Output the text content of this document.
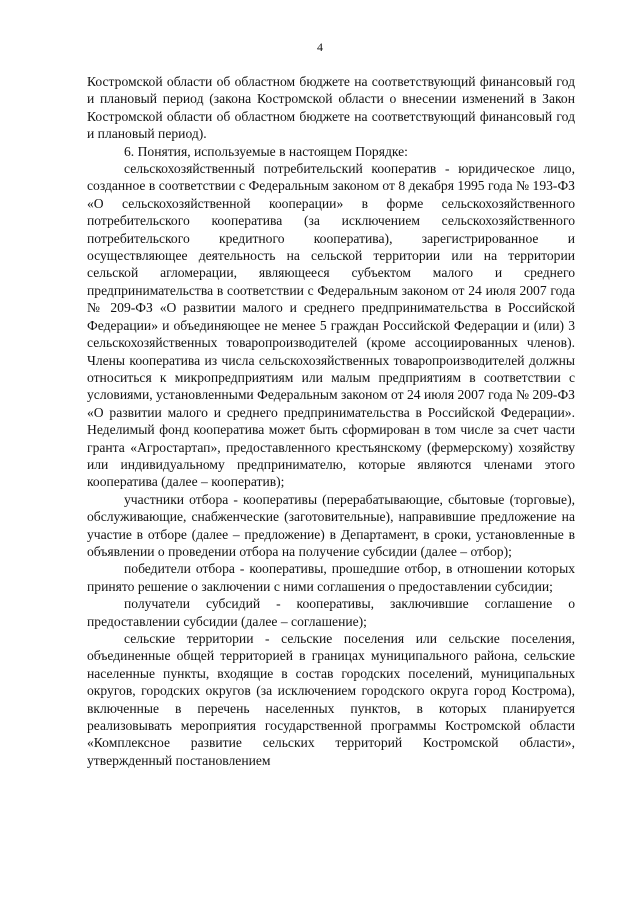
4

Костромской области об областном бюджете на соответствующий финансовый год и плановый период (закона Костромской области о внесении изменений в Закон Костромской области об областном бюджете на соответствующий финансовый год и плановый период).

6. Понятия, используемые в настоящем Порядке:

сельскохозяйственный потребительский кооператив - юридическое лицо, созданное в соответствии с Федеральным законом от 8 декабря 1995 года № 193-ФЗ «О сельскохозяйственной кооперации» в форме сельскохозяйственного потребительского кооператива (за исключением сельскохозяйственного потребительского кредитного кооператива), зарегистрированное и осуществляющее деятельность на сельской территории или на территории сельской агломерации, являющееся субъектом малого и среднего предпринимательства в соответствии с Федеральным законом от 24 июля 2007 года № 209-ФЗ «О развитии малого и среднего предпринимательства в Российской Федерации» и объединяющее не менее 5 граждан Российской Федерации и (или) 3 сельскохозяйственных товаропроизводителей (кроме ассоциированных членов). Члены кооператива из числа сельскохозяйственных товаропроизводителей должны относиться к микропредприятиям или малым предприятиям в соответствии с условиями, установленными Федеральным законом от 24 июля 2007 года № 209-ФЗ «О развитии малого и среднего предпринимательства в Российской Федерации». Неделимый фонд кооператива может быть сформирован в том числе за счет части гранта «Агростартап», предоставленного крестьянскому (фермерскому) хозяйству или индивидуальному предпринимателю, которые являются членами этого кооператива (далее – кооператив);

участники отбора - кооперативы (перерабатывающие, сбытовые (торговые), обслуживающие, снабженческие (заготовительные), направившие предложение на участие в отборе (далее – предложение) в Департамент, в сроки, установленные в объявлении о проведении отбора на получение субсидии (далее – отбор);

победители отбора - кооперативы, прошедшие отбор, в отношении которых принято решение о заключении с ними соглашения о предоставлении субсидии;

получатели субсидий - кооперативы, заключившие соглашение о предоставлении субсидии (далее – соглашение);

сельские территории - сельские поселения или сельские поселения, объединенные общей территорией в границах муниципального района, сельские населенные пункты, входящие в состав городских поселений, муниципальных округов, городских округов (за исключением городского округа город Кострома), включенные в перечень населенных пунктов, в которых планируется реализовывать мероприятия государственной программы Костромской области «Комплексное развитие сельских территорий Костромской области», утвержденный постановлением
